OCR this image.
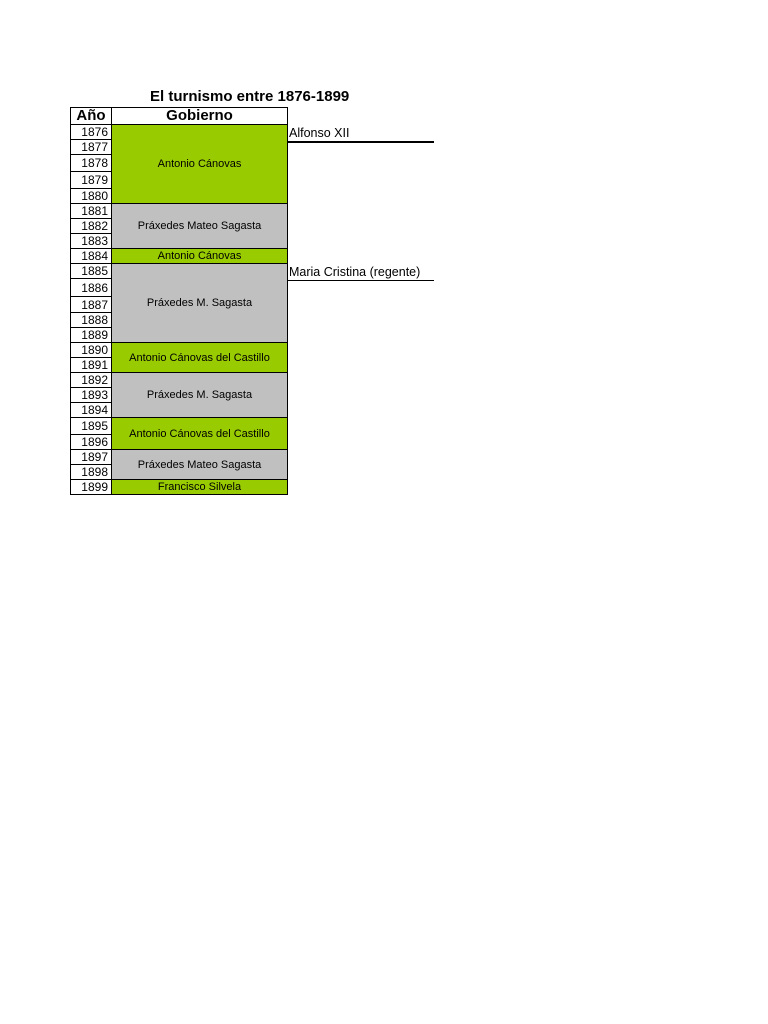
El turnismo entre 1876-1899
Año	Gobierno
1876
1877
1878
1879
1880
1881
1882
1883
1884
1885
1886
1887
1888
1889
1890
1891
1892
1893
1894
1895
1896
1897
1898
1899
Antonio Cánovas
Práxedes Mateo Sagasta
Antonio Cánovas
Práxedes M. Sagasta
Antonio Cánovas del Castillo
Práxedes M. Sagasta
Antonio Cánovas del Castillo
Práxedes Mateo Sagasta
Francisco Silvela
Alfonso XII
Maria Cristina (regente)
